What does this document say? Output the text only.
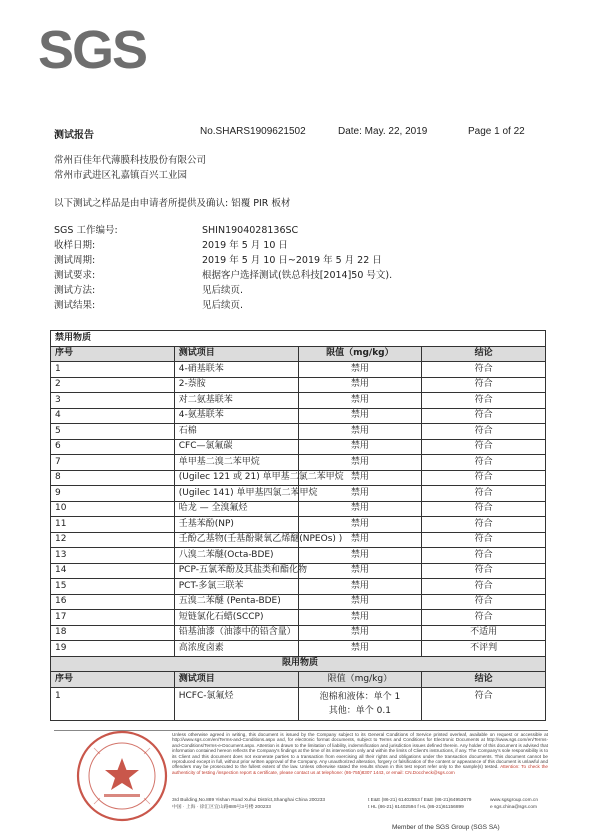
SGS
测试报告	No.SHARS1909621502	Date: May. 22, 2019	Page 1 of 22
常州百佳年代薄膜科技股份有限公司
常州市武进区礼嘉镇百兴工业园
以下测试之样品是由申请者所提供及确认: 铝覆 PIR 板材
SGS 工作编号:	SHIN1904028136SC
收样日期:	2019 年 5 月 10 日
测试周期:	2019 年 5 月 10 日~2019 年 5 月 22 日
测试要求:	根据客户选择测试(铁总科技[2014]50 号文).
测试方法:	见后续页.
测试结果:	见后续页.
禁用物质			
序号	测试项目	限值（mg/kg）	结论
1	4-硝基联苯	禁用	符合
2	2-萘胺	禁用	符合
3	对二氨基联苯	禁用	符合
4	4-氨基联苯	禁用	符合
5	石棉	禁用	符合
6	CFC—氯氟碳	禁用	符合
7	单甲基二溴二苯甲烷	禁用	符合
8	(Ugilec 121 或 21) 单甲基二氯二苯甲烷	禁用	符合
9	(Ugilec 141) 单甲基四氯二苯甲烷	禁用	符合
10	哈龙 — 全溴氟烃	禁用	符合
11	壬基苯酚(NP)	禁用	符合
12	壬酚乙基物(壬基酚聚氧乙烯醚(NPEOs) )	禁用	符合
13	八溴二苯醚(Octa-BDE)	禁用	符合
14	PCP-五氯苯酚及其盐类和酯化物	禁用	符合
15	PCT-多氯三联苯	禁用	符合
16	五溴二苯醚 (Penta-BDE)	禁用	符合
17	短链氯化石蜡(SCCP)	禁用	符合
18	铅基油漆（油漆中的铅含量）	禁用	不适用
19	高浓度卤素	禁用	不评判
限用物质			
序号	测试项目	限值（mg/kg）	结论
1	HCFC-氯氟烃	泡棉和液体：单个 1
其他：单个 0.1	符合
Unless otherwise agreed in writing, this document is issued by the Company subject to its General Conditions of Service printed overleaf, available on request or accessible at http://www.sgs.com/en/Terms-and-Conditions.aspx and, for electronic format documents, subject to Terms and Conditions for Electronic Documents at http://www.sgs.com/en/Terms-and-Conditions/Terms-e-Document.aspx. Attention is drawn to the limitation of liability, indemnification and jurisdiction issues defined therein. Any holder of this document is advised that information contained hereon reflects the Company's findings at the time of its intervention only and within the limits of Client's instructions, if any. The Company's sole responsibility is to its Client and this document does not exonerate parties to a transaction from exercising all their rights and obligations under the transaction documents. This document cannot be reproduced except in full, without prior written approval of the Company. Any unauthorized alteration, forgery or falsification of the content or appearance of this document is unlawful and offenders may be prosecuted to the fullest extent of the law. Unless otherwise stated the results shown in this test report refer only to the sample(s) tested. Attention: To check the authenticity of testing /inspection report & certificate, please contact us at telephone: (86-755)8307 1443, or email: CN.Doccheck@sgs.com
3rd Building,No.889 Yishan Road Xuhui District,Shanghai China 200233	t E&E (86-21) 61402553 f E&E (86-21)64953679	www.sgsgroup.com.cn
中国 · 上海 · 徐汇区宜山路889号3号楼 200233	t HL (86-21) 61402594 f HL (86-21)61156899	e sgs.china@sgs.com
Member of the SGS Group (SGS SA)
